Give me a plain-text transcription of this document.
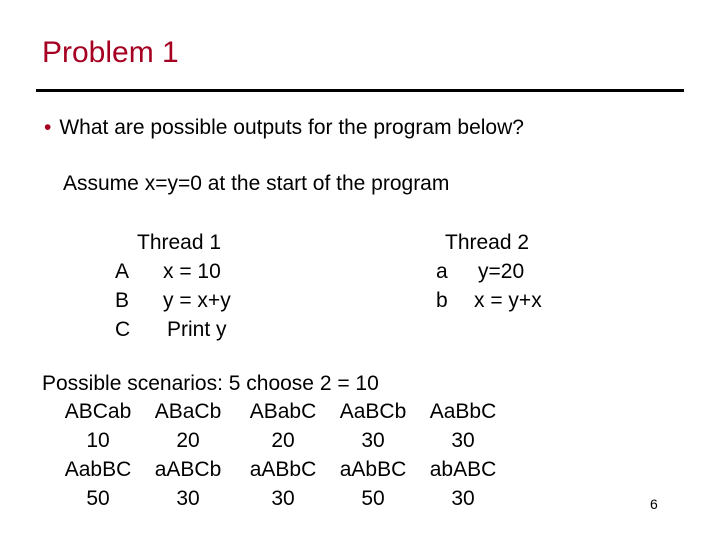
Problem 1
• What are possible outputs for the program below?
Assume x=y=0 at the start of the program
Thread 1
A x = 10
B y = x+y
C Print y
Thread 2
a y=20
b x = y+x
Possible scenarios: 5 choose 2 = 10
ABCab	ABaCb	ABabC	AaBCb	AaBbC
10	20	20	30	30
AabBC	aABCb	aABbC	aAbBC	abABC
50	30	30	50	30	6
